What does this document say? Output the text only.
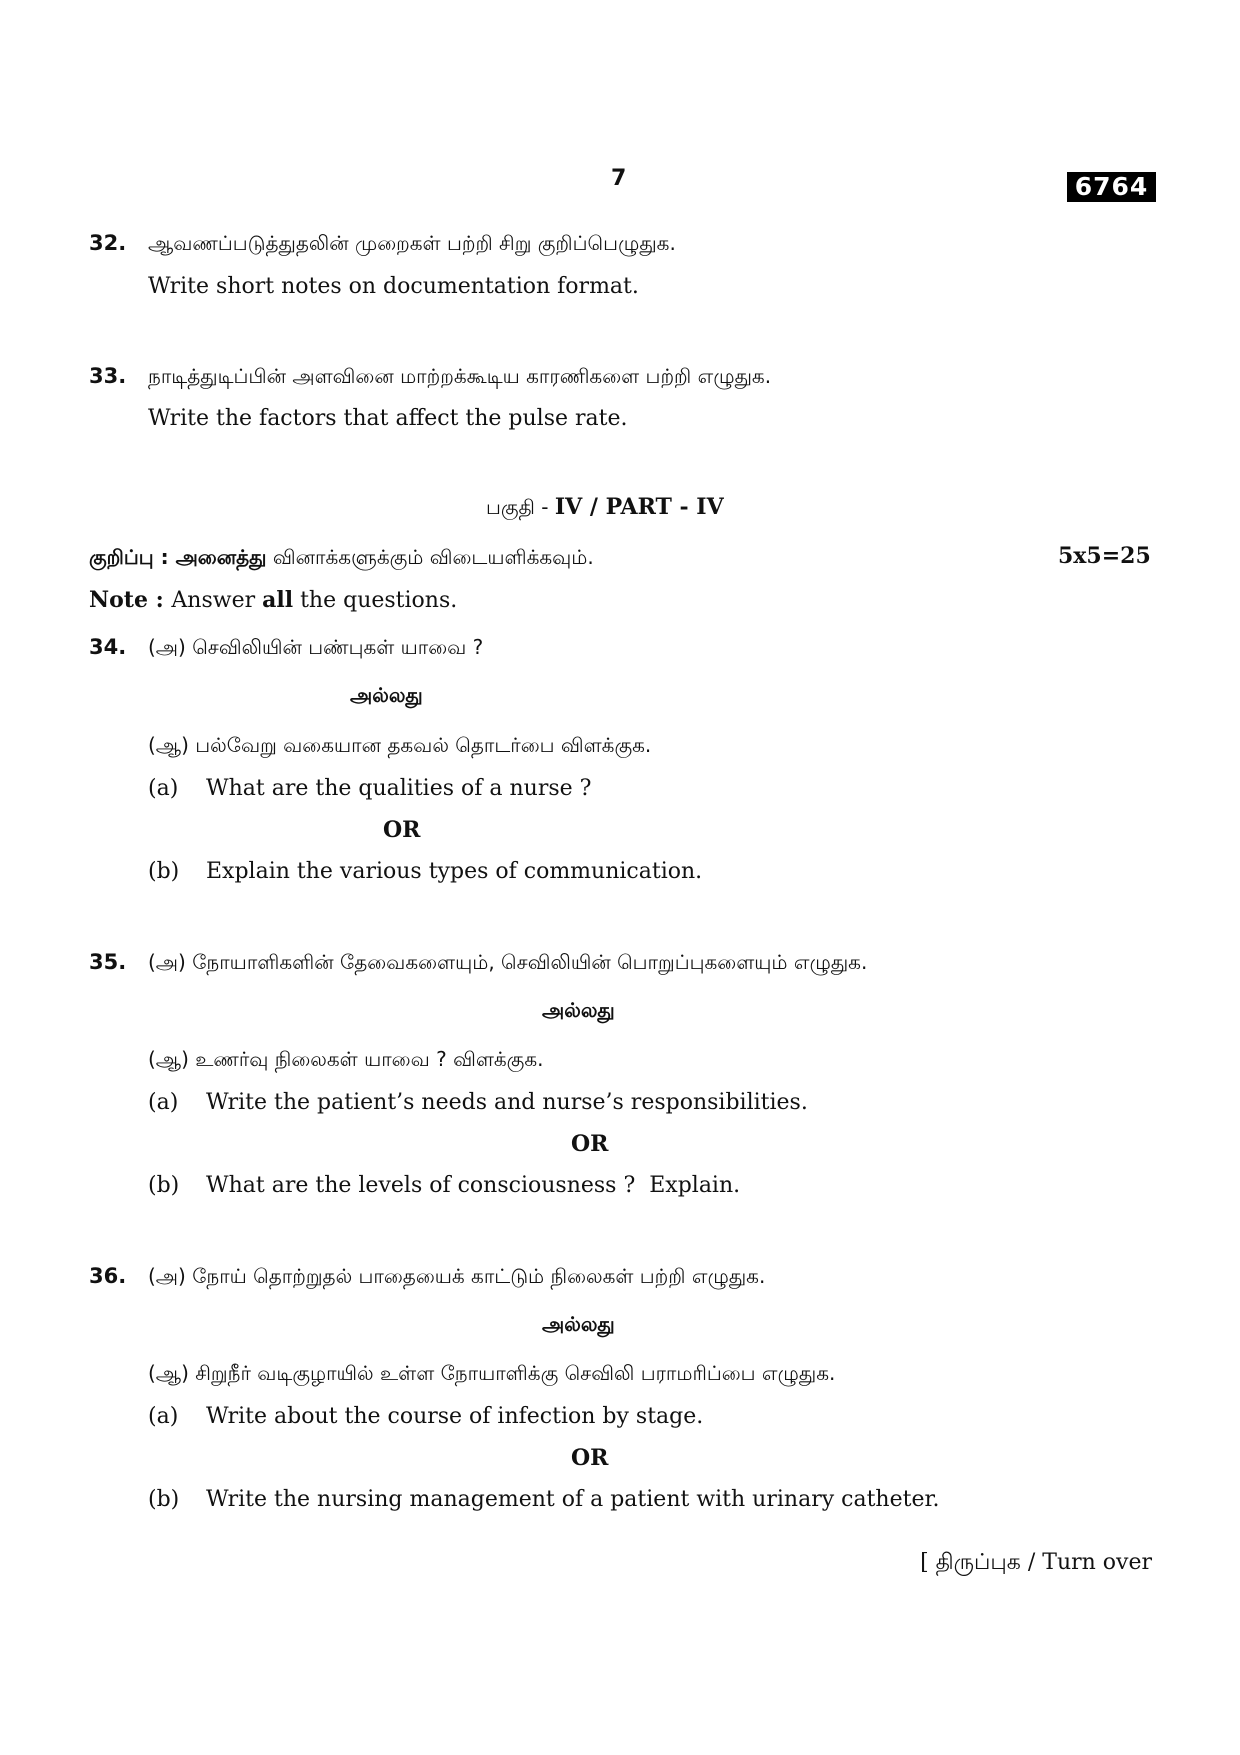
7	6764
32. ஆவணப்படுத்துதலின் முறைகள் பற்றி சிறு குறிப்பெழுதுக.
Write short notes on documentation format.
33. நாடித்துடிப்பின் அளவினை மாற்றக்கூடிய காரணிகளை பற்றி எழுதுக.
Write the factors that affect the pulse rate.
பகுதி - IV / PART - IV
குறிப்பு : அனைத்து வினாக்களுக்கும் விடையளிக்கவும்.	5x5=25
Note : Answer all the questions.
34. (அ) செவிலியின் பண்புகள் யாவை ?
அல்லது
(ஆ) பல்வேறு வகையான தகவல் தொடர்பை விளக்குக.
(a) What are the qualities of a nurse ?
OR
(b) Explain the various types of communication.
35. (அ) நோயாளிகளின் தேவைகளையும், செவிலியின் பொறுப்புகளையும் எழுதுக.
அல்லது
(ஆ) உணர்வு நிலைகள் யாவை ? விளக்குக.
(a) Write the patient’s needs and nurse’s responsibilities.
OR
(b) What are the levels of consciousness ?  Explain.
36. (அ) நோய் தொற்றுதல் பாதையைக் காட்டும் நிலைகள் பற்றி எழுதுக.
அல்லது
(ஆ) சிறுநீர் வடிகுழாயில் உள்ள நோயாளிக்கு செவிலி பராமரிப்பை எழுதுக.
(a) Write about the course of infection by stage.
OR
(b) Write the nursing management of a patient with urinary catheter.
[ திருப்புக / Turn over
